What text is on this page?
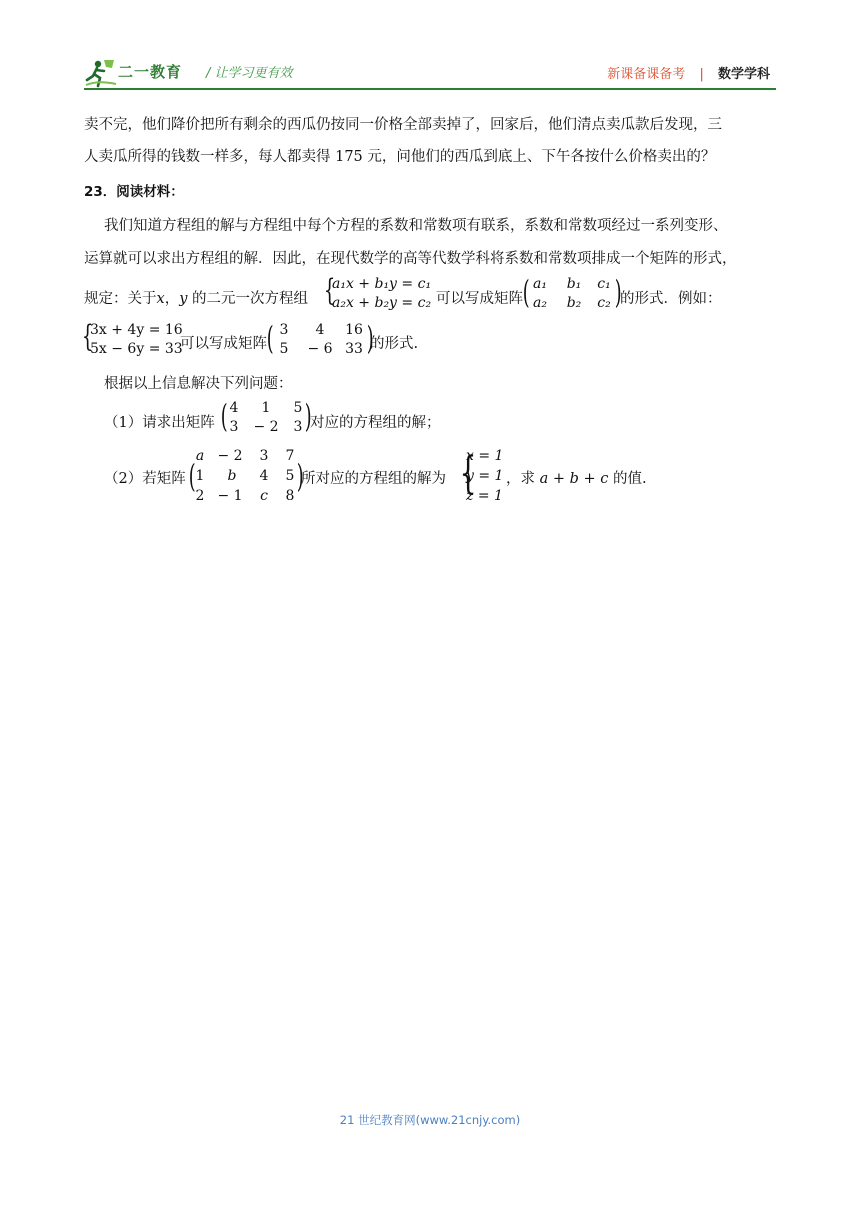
二一教育 / 让学习更有效	新课备课备考 | 数学学科
卖不完，他们降价把所有剩余的西瓜仍按同一价格全部卖掉了，回家后，他们清点卖瓜款后发现，三
人卖瓜所得的钱数一样多，每人都卖得 175 元，问他们的西瓜到底上、下午各按什么价格卖出的？
23．阅读材料：
我们知道方程组的解与方程组中每个方程的系数和常数项有联系，系数和常数项经过一系列变形、
运算就可以求出方程组的解．因此，在现代数学的高等代数学科将系数和常数项排成一个矩阵的形式，
规定：关于x，y 的二元一次方程组 {
a₁x + b₁y = c₁
a₂x + b₂y = c₂ 可以写成矩阵 ( a₁	b₁	c₁
a₂	b₂	c₂ )
的形式．例如：
{
3x + 4y = 16
5x − 6y = 33
可以写成矩阵 ( 3	4	16
5	− 6 33 )
的形式.
根据以上信息解决下列问题：
（1）请求出矩阵 ( 4	1	5
3	− 2	3 )
对应的方程组的解；
（2）若矩阵 (
a − 2	3	7
1	b	4	5
2 − 1	c	8
)
所对应的方程组的解为 {
x = 1
y = 1
z = 1
，求 a + b + c 的值.
21 世纪教育网(www.21cnjy.com)
